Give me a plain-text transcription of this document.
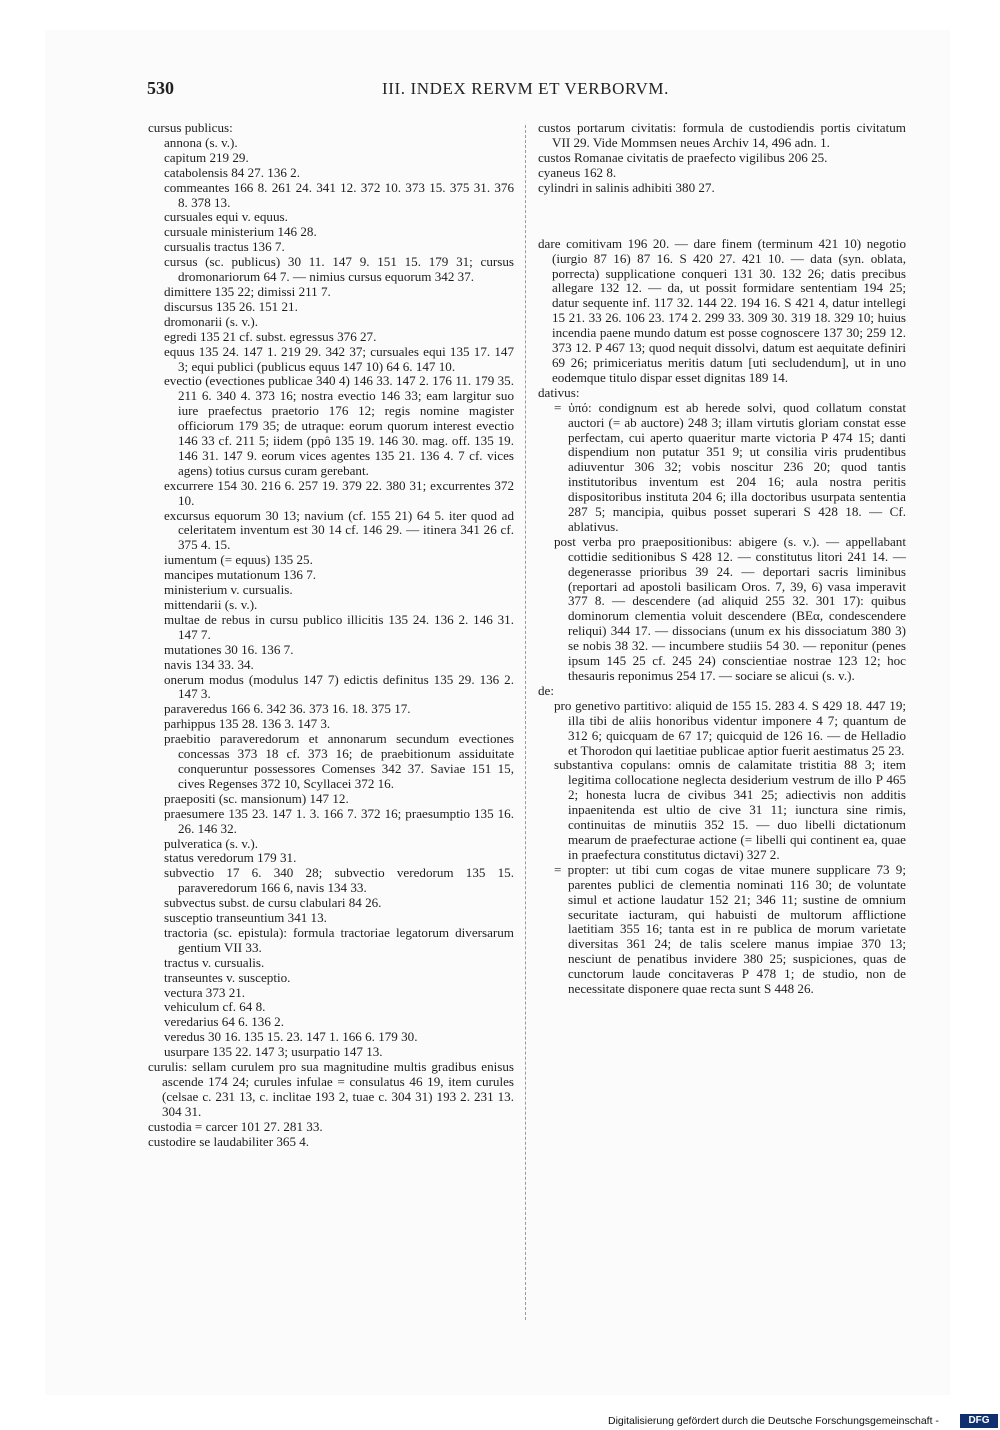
530	III. INDEX RERVM ET VERBORVM.

cursus publicus:

annona (s. v.).

capitum 219 29.

catabolensis 84 27. 136 2.

commeantes 166 8. 261 24. 341 12. 372 10. 373 15. 375 31. 376 8. 378 13.

cursuales equi v. equus.

cursuale ministerium 146 28.

cursualis tractus 136 7.

cursus (sc. publicus) 30 11. 147 9. 151 15. 179 31; cursus dromonariorum 64 7. — nimius cursus equorum 342 37.

dimittere 135 22; dimissi 211 7.

discursus 135 26. 151 21.

dromonarii (s. v.).

egredi 135 21 cf. subst. egressus 376 27.

equus 135 24. 147 1. 219 29. 342 37; cursuales equi 135 17. 147 3; equi publici (publicus equus 147 10) 64 6. 147 10.

evectio (evectiones publicae 340 4) 146 33. 147 2. 176 11. 179 35. 211 6. 340 4. 373 16; nostra evectio 146 33; eam largitur suo iure praefectus praetorio 176 12; regis nomine magister officiorum 179 35; de utraque: eorum quorum interest evectio 146 33 cf. 211 5; iidem (ppô 135 19. 146 30. mag. off. 135 19. 146 31. 147 9. eorum vices agentes 135 21. 136 4. 7 cf. vices agens) totius cursus curam gerebant.

excurrere 154 30. 216 6. 257 19. 379 22. 380 31; excurrentes 372 10.

excursus equorum 30 13; navium (cf. 155 21) 64 5. iter quod ad celeritatem inventum est 30 14 cf. 146 29. — itinera 341 26 cf. 375 4. 15.

iumentum (= equus) 135 25.

mancipes mutationum 136 7.

ministerium v. cursualis.

mittendarii (s. v.).

multae de rebus in cursu publico illicitis 135 24. 136 2. 146 31. 147 7.

mutationes 30 16. 136 7.

navis 134 33. 34.

onerum modus (modulus 147 7) edictis definitus 135 29. 136 2. 147 3.

paraveredus 166 6. 342 36. 373 16. 18. 375 17.

parhippus 135 28. 136 3. 147 3.

praebitio paraveredorum et annonarum secundum evectiones concessas 373 18 cf. 373 16; de praebitionum assiduitate conqueruntur possessores Comenses 342 37. Saviae 151 15, cives Regenses 372 10, Scyllacei 372 16.

praepositi (sc. mansionum) 147 12.

praesumere 135 23. 147 1. 3. 166 7. 372 16; praesumptio 135 16. 26. 146 32.

pulveratica (s. v.).

status veredorum 179 31.

subvectio 17 6. 340 28; subvectio veredorum 135 15. paraveredorum 166 6, navis 134 33.

subvectus subst. de cursu clabulari 84 26.

susceptio transeuntium 341 13.

tractoria (sc. epistula): formula tractoriae legatorum diversarum gentium VII 33.

tractus v. cursualis.

transeuntes v. susceptio.

vectura 373 21.

vehiculum cf. 64 8.

veredarius 64 6. 136 2.

veredus 30 16. 135 15. 23. 147 1. 166 6. 179 30.

usurpare 135 22. 147 3; usurpatio 147 13.

curulis: sellam curulem pro sua magnitudine multis gradibus enisus ascende 174 24; curules infulae = consulatus 46 19, item curules (celsae c. 231 13, c. inclitae 193 2, tuae c. 304 31) 193 2. 231 13. 304 31.

custodia = carcer 101 27. 281 33.

custodire se laudabiliter 365 4.

custos portarum civitatis: formula de custodiendis portis civitatum VII 29. Vide Mommsen neues Archiv 14, 496 adn. 1.

custos Romanae civitatis de praefecto vigilibus 206 25.

cyaneus 162 8.

cylindri in salinis adhibiti 380 27.

dare comitivam 196 20. — dare finem (terminum 421 10) negotio (iurgio 87 16) 87 16. S 420 27. 421 10. — data (syn. oblata, porrecta) supplicatione conqueri 131 30. 132 26; datis precibus allegare 132 12. — da, ut possit formidare sententiam 194 25; datur sequente inf. 117 32. 144 22. 194 16. S 421 4, datur intellegi 15 21. 33 26. 106 23. 174 2. 299 33. 309 30. 319 18. 329 10; huius incendia paene mundo datum est posse cognoscere 137 30; 259 12. 373 12. P 467 13; quod nequit dissolvi, datum est aequitate definiri 69 26; primiceriatus meritis datum [uti secludendum], ut in uno eodemque titulo dispar esset dignitas 189 14.

dativus:

= ὑπό: condignum est ab herede solvi, quod collatum constat auctori (= ab auctore) 248 3; illam virtutis gloriam constat esse perfectam, cui aperto quaeritur marte victoria P 474 15; danti dispendium non putatur 351 9; ut consilia viris prudentibus adiuventur 306 32; vobis noscitur 236 20; quod tantis institutoribus inventum est 204 16; aula nostra peritis dispositoribus instituta 204 6; illa doctoribus usurpata sententia 287 5; mancipia, quibus posset superari S 428 18. — Cf. ablativus.

post verba pro praepositionibus: abigere (s. v.). — appellabant cottidie seditionibus S 428 12. — constitutus litori 241 14. — degenerasse prioribus 39 24. — deportari sacris liminibus (reportari ad apostoli basilicam Oros. 7, 39, 6) vasa imperavit 377 8. — descendere (ad aliquid 255 32. 301 17): quibus dominorum clementia voluit descendere (BEα, condescendere reliqui) 344 17. — dissocians (unum ex his dissociatum 380 3) se nobis 38 32. — incumbere studiis 54 30. — reponitur (penes ipsum 145 25 cf. 245 24) conscientiae nostrae 123 12; hoc thesauris reponimus 254 17. — sociare se alicui (s. v.).

de:

pro genetivo partitivo: aliquid de 155 15. 283 4. S 429 18. 447 19; illa tibi de aliis honoribus videntur imponere 4 7; quantum de 312 6; quicquam de 67 17; quicquid de 126 16. — de Helladio et Thorodon qui laetitiae publicae aptior fuerit aestimatus 25 23.

substantiva copulans: omnis de calamitate tristitia 88 3; item legitima collocatione neglecta desiderium vestrum de illo P 465 2; honesta lucra de civibus 341 25; adiectivis non additis inpaenitenda est ultio de cive 31 11; iunctura sine rimis, continuitas de minutiis 352 15. — duo libelli dictationum mearum de praefecturae actione (= libelli qui continent ea, quae in praefectura constitutus dictavi) 327 2.

= propter: ut tibi cum cogas de vitae munere supplicare 73 9; parentes publici de clementia nominati 116 30; de voluntate simul et actione laudatur 152 21; 346 11; sustine de omnium securitate iacturam, qui habuisti de multorum afflictione laetitiam 355 16; tanta est in re publica de morum varietate diversitas 361 24; de talis scelere manus impiae 370 13; nesciunt de penatibus invidere 380 25; suspiciones, quas de cunctorum laude concitaveras P 478 1; de studio, non de necessitate disponere quae recta sunt S 448 26.

Digitalisierung gefördert durch die Deutsche Forschungsgemeinschaft -	DFG
